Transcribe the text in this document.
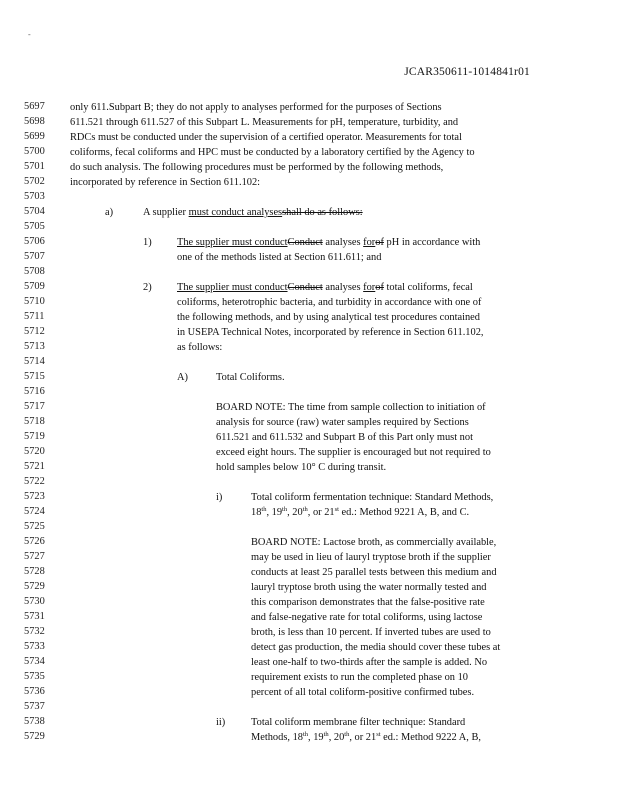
-
JCAR350611-1014841r01
5697
5698
5699
5700
5701
5702
5703
5704
5705
5706
5707
5708
5709
5710
5711
5712
5713
5714
5715
5716
5717
5718
5719
5720
5721
5722
5723
5724
5725
5726
5727
5728
5729
5730
5731
5732
5733
5734
5735
5736
5737
5738
5729
only 611.Subpart B; they do not apply to analyses performed for the purposes of Sections
611.521 through 611.527 of this Subpart L. Measurements for pH, temperature, turbidity, and
RDCs must be conducted under the supervision of a certified operator. Measurements for total
coliforms, fecal coliforms and HPC must be conducted by a laboratory certified by the Agency to
do such analysis. The following procedures must be performed by the following methods,
incorporated by reference in Section 611.102:
a)	A supplier must conduct analysesshall do as follows:
1) The supplier must conductConduct analyses forof pH in accordance with
one of the methods listed at Section 611.611; and
2) The supplier must conductConduct analyses forof total coliforms, fecal
coliforms, heterotrophic bacteria, and turbidity in accordance with one of
the following methods, and by using analytical test procedures contained
in USEPA Technical Notes, incorporated by reference in Section 611.102,
as follows:
A)	Total Coliforms.
BOARD NOTE: The time from sample collection to initiation of
analysis for source (raw) water samples required by Sections
611.521 and 611.532 and Subpart B of this Part only must not
exceed eight hours. The supplier is encouraged but not required to
hold samples below 10° C during transit.
i)	Total coliform fermentation technique: Standard Methods,
18th, 19th, 20th, or 21st ed.: Method 9221 A, B, and C.
BOARD NOTE: Lactose broth, as commercially available,
may be used in lieu of lauryl tryptose broth if the supplier
conducts at least 25 parallel tests between this medium and
lauryl tryptose broth using the water normally tested and
this comparison demonstrates that the false-positive rate
and false-negative rate for total coliforms, using lactose
broth, is less than 10 percent. If inverted tubes are used to
detect gas production, the media should cover these tubes at
least one-half to two-thirds after the sample is added. No
requirement exists to run the completed phase on 10
percent of all total coliform-positive confirmed tubes.
ii) Total coliform membrane filter technique: Standard
Methods, 18th, 19th, 20th, or 21st ed.: Method 9222 A, B,
